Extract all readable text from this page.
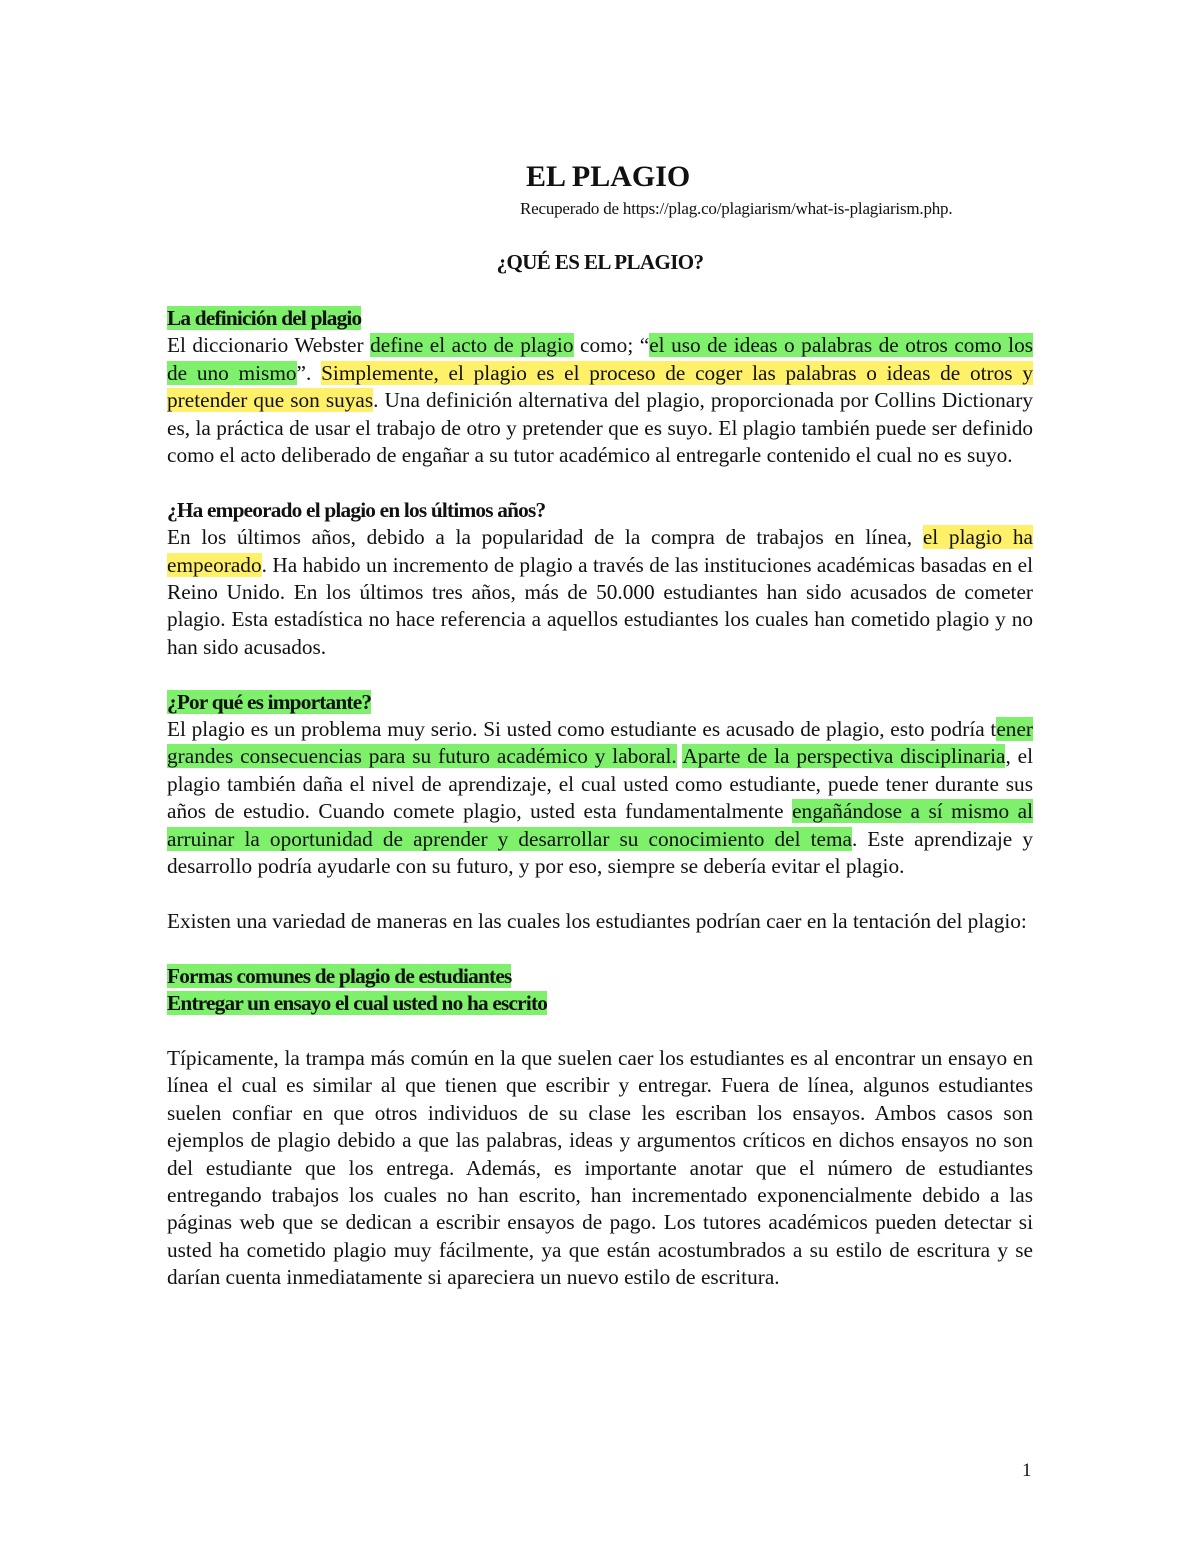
EL PLAGIO
Recuperado de https://plag.co/plagiarism/what-is-plagiarism.php.
¿QUÉ ES EL PLAGIO?
La definición del plagio
El diccionario Webster define el acto de plagio como; “el uso de ideas o palabras de otros como los de uno mismo”. Simplemente, el plagio es el proceso de coger las palabras o ideas de otros y pretender que son suyas. Una definición alternativa del plagio, proporcionada por Collins Dictionary es, la práctica de usar el trabajo de otro y pretender que es suyo. El plagio también puede ser definido como el acto deliberado de engañar a su tutor académico al entregarle contenido el cual no es suyo.
¿Ha empeorado el plagio en los últimos años?
En los últimos años, debido a la popularidad de la compra de trabajos en línea, el plagio ha empeorado. Ha habido un incremento de plagio a través de las instituciones académicas basadas en el Reino Unido. En los últimos tres años, más de 50.000 estudiantes han sido acusados de cometer plagio. Esta estadística no hace referencia a aquellos estudiantes los cuales han cometido plagio y no han sido acusados.
¿Por qué es importante?
El plagio es un problema muy serio. Si usted como estudiante es acusado de plagio, esto podría tener grandes consecuencias para su futuro académico y laboral. Aparte de la perspectiva disciplinaria, el plagio también daña el nivel de aprendizaje, el cual usted como estudiante, puede tener durante sus años de estudio. Cuando comete plagio, usted esta fundamentalmente engañándose a sí mismo al arruinar la oportunidad de aprender y desarrollar su conocimiento del tema. Este aprendizaje y desarrollo podría ayudarle con su futuro, y por eso, siempre se debería evitar el plagio.
Existen una variedad de maneras en las cuales los estudiantes podrían caer en la tentación del plagio:
Formas comunes de plagio de estudiantes
Entregar un ensayo el cual usted no ha escrito
Típicamente, la trampa más común en la que suelen caer los estudiantes es al encontrar un ensayo en línea el cual es similar al que tienen que escribir y entregar. Fuera de línea, algunos estudiantes suelen confiar en que otros individuos de su clase les escriban los ensayos. Ambos casos son ejemplos de plagio debido a que las palabras, ideas y argumentos críticos en dichos ensayos no son del estudiante que los entrega. Además, es importante anotar que el número de estudiantes entregando trabajos los cuales no han escrito, han incrementado exponencialmente debido a las páginas web que se dedican a escribir ensayos de pago. Los tutores académicos pueden detectar si usted ha cometido plagio muy fácilmente, ya que están acostumbrados a su estilo de escritura y se darían cuenta inmediatamente si apareciera un nuevo estilo de escritura.
1
